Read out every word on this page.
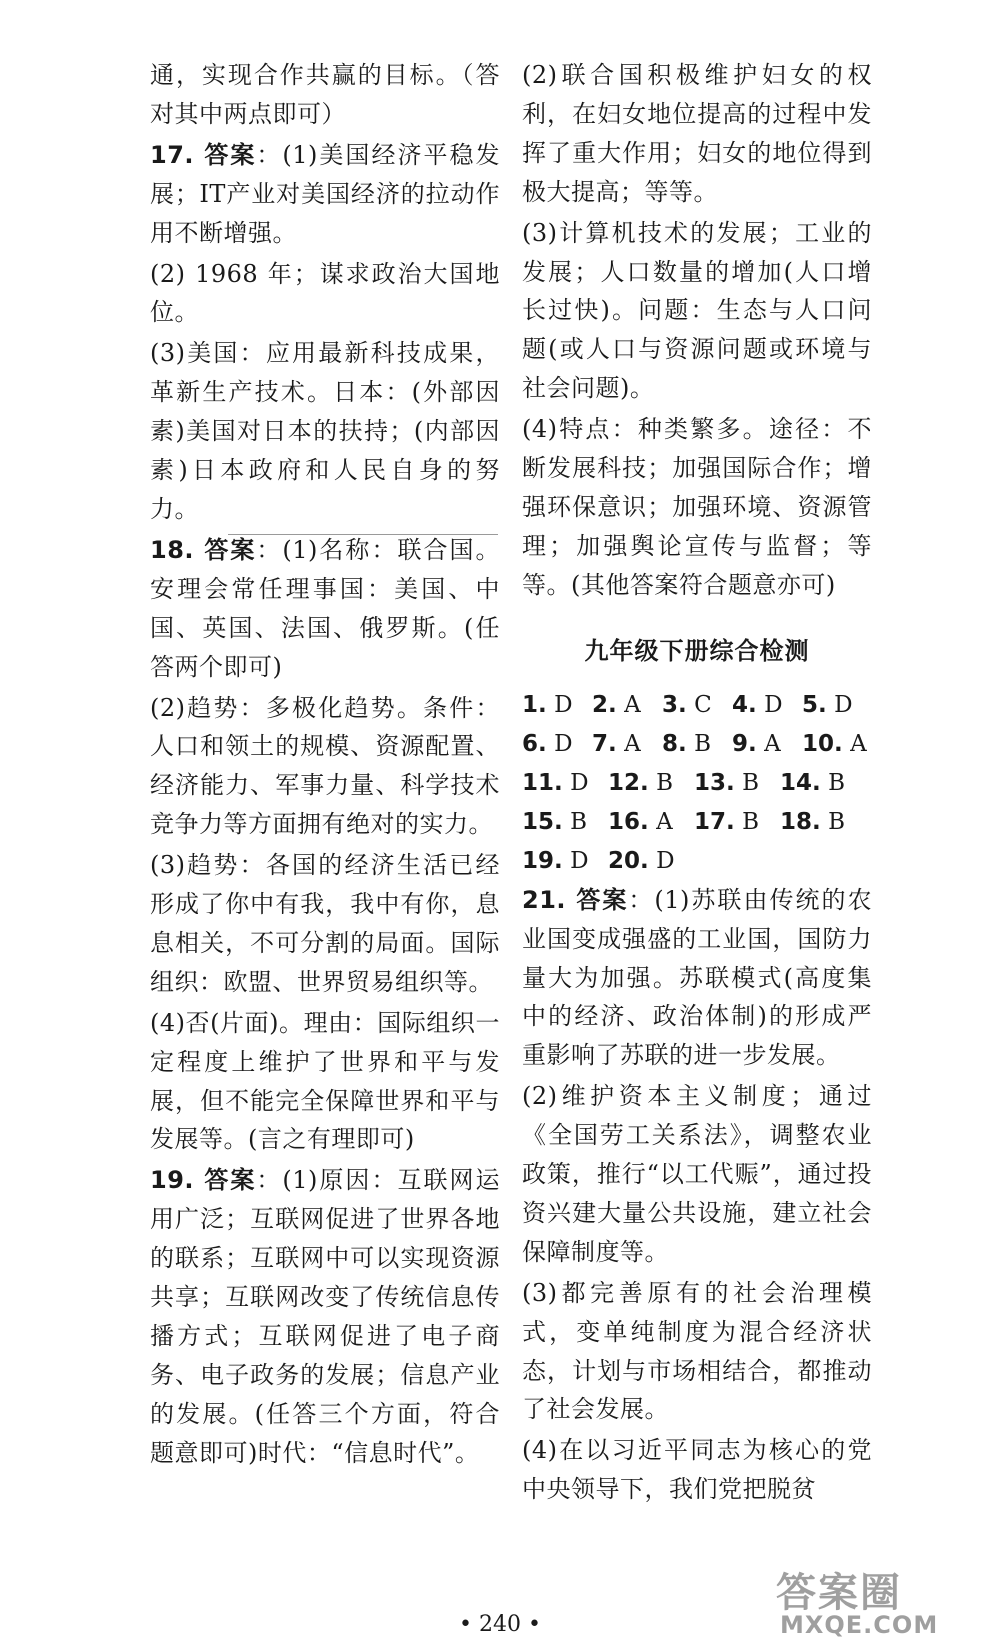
通，实现合作共赢的目标。（答对其中两点即可）

17. 答案：(1)美国经济平稳发展；IT产业对美国经济的拉动作用不断增强。

(2) 1968 年；谋求政治大国地位。

(3)美国：应用最新科技成果，革新生产技术。日本：(外部因素)美国对日本的扶持；(内部因素)日本政府和人民自身的努力。

18. 答案：(1)名称：联合国。安理会常任理事国：美国、中国、英国、法国、俄罗斯。(任答两个即可)

(2)趋势：多极化趋势。条件：人口和领土的规模、资源配置、经济能力、军事力量、科学技术竞争力等方面拥有绝对的实力。

(3)趋势：各国的经济生活已经形成了你中有我，我中有你，息息相关，不可分割的局面。国际组织：欧盟、世界贸易组织等。

(4)否(片面)。理由：国际组织一定程度上维护了世界和平与发展，但不能完全保障世界和平与发展等。(言之有理即可)

19. 答案：(1)原因：互联网运用广泛；互联网促进了世界各地的联系；互联网中可以实现资源共享；互联网改变了传统信息传播方式；互联网促进了电子商务、电子政务的发展；信息产业的发展。(任答三个方面，符合题意即可)时代：“信息时代”。

(2)联合国积极维护妇女的权利，在妇女地位提高的过程中发挥了重大作用；妇女的地位得到极大提高；等等。

(3)计算机技术的发展；工业的发展；人口数量的增加(人口增长过快)。问题：生态与人口问题(或人口与资源问题或环境与社会问题)。

(4)特点：种类繁多。途径：不断发展科技；加强国际合作；增强环保意识；加强环境、资源管理；加强舆论宣传与监督；等等。(其他答案符合题意亦可)

九年级下册综合检测
1. D 2. A 3. C 4. D 5. D
6. D 7. A 8. B 9. A 10. A
11. D 12. B 13. B 14. B
15. B 16. A 17. B 18. B
19. D 20. D

21. 答案：(1)苏联由传统的农业国变成强盛的工业国，国防力量大为加强。苏联模式(高度集中的经济、政治体制)的形成严重影响了苏联的进一步发展。

(2)维护资本主义制度；通过《全国劳工关系法》，调整农业政策，推行“以工代赈”，通过投资兴建大量公共设施，建立社会保障制度等。

(3)都完善原有的社会治理模式，变单纯制度为混合经济状态，计划与市场相结合，都推动了社会发展。

(4)在以习近平同志为核心的党中央领导下，我们党把脱贫

• 240 •
答案圈
MXQE.COM
